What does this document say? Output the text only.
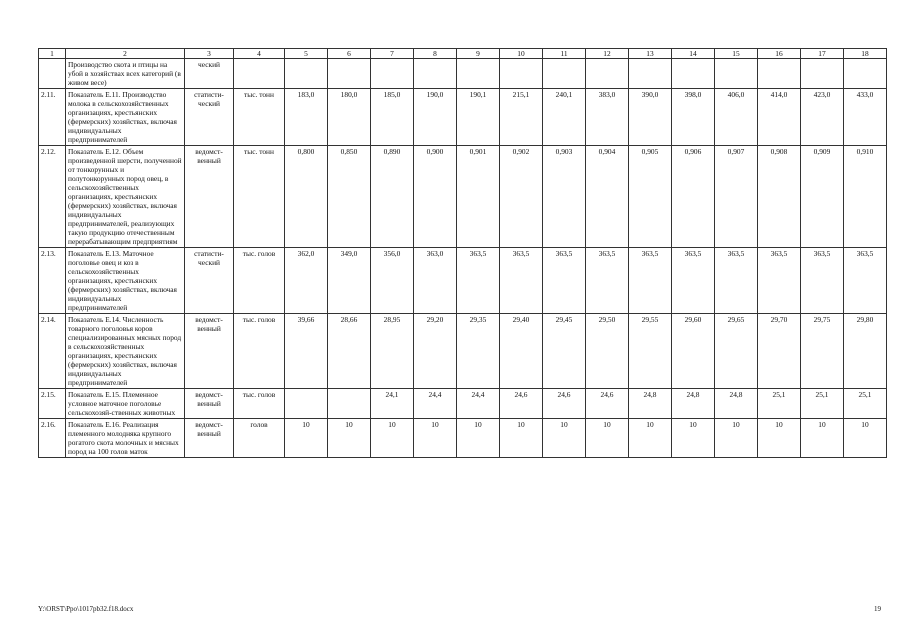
1	2	3	4	5	6	7	8	9	10	11	12	13	14	15	16	17	18
	Производство скота и птицы на убой в хозяйствах всех категорий (в живом весе)	ческий															
2.11.	Показатель Е.11. Производство молока в сельскохозяйственных организациях, крестьянских (фермерских) хозяйствах, включая индивидуальных предпринимателей	статисти-ческий	тыс. тонн	183,0	180,0	185,0	190,0	190,1	215,1	240,1	383,0	390,0	398,0	406,0	414,0	423,0	433,0
2.12.	Показатель Е.12. Объем произведенной шерсти, полученной от тонкорунных и полутонкорунных пород овец, в сельскохозяйственных организациях, крестьянских (фермерских) хозяйствах, включая индивидуальных предпринимателей, реализующих такую продукцию отечественным перерабатывающим предприятиям	ведомст-венный	тыс. тонн	0,800	0,850	0,890	0,900	0,901	0,902	0,903	0,904	0,905	0,906	0,907	0,908	0,909	0,910
2.13.	Показатель Е.13. Маточное поголовье овец и коз в сельскохозяйственных организациях, крестьянских (фермерских) хозяйствах, включая индивидуальных предпринимателей	статисти-ческий	тыс. голов	362,0	349,0	356,0	363,0	363,5	363,5	363,5	363,5	363,5	363,5	363,5	363,5	363,5	363,5
2.14.	Показатель Е.14. Численность товарного поголовья коров специализированных мясных пород в сельскохозяйственных организациях, крестьянских (фермерских) хозяйствах, включая индивидуальных предпринимателей	ведомст-венный	тыс. голов	39,66	28,66	28,95	29,20	29,35	29,40	29,45	29,50	29,55	29,60	29,65	29,70	29,75	29,80
2.15.	Показатель Е.15. Племенное условное маточное поголовье сельскохозяй-ственных животных	ведомст-венный	тыс. голов			24,1	24,4	24,4	24,6	24,6	24,6	24,8	24,8	24,8	25,1	25,1	25,1
2.16.	Показатель Е.16. Реализация племенного молодняка крупного рогатого скота молочных и мясных пород на 100 голов маток	ведомст-венный	голов	10	10	10	10	10	10	10	10	10	10	10	10	10	10
Y:\ORST\Ppo\1017pb32.f18.docx	19
